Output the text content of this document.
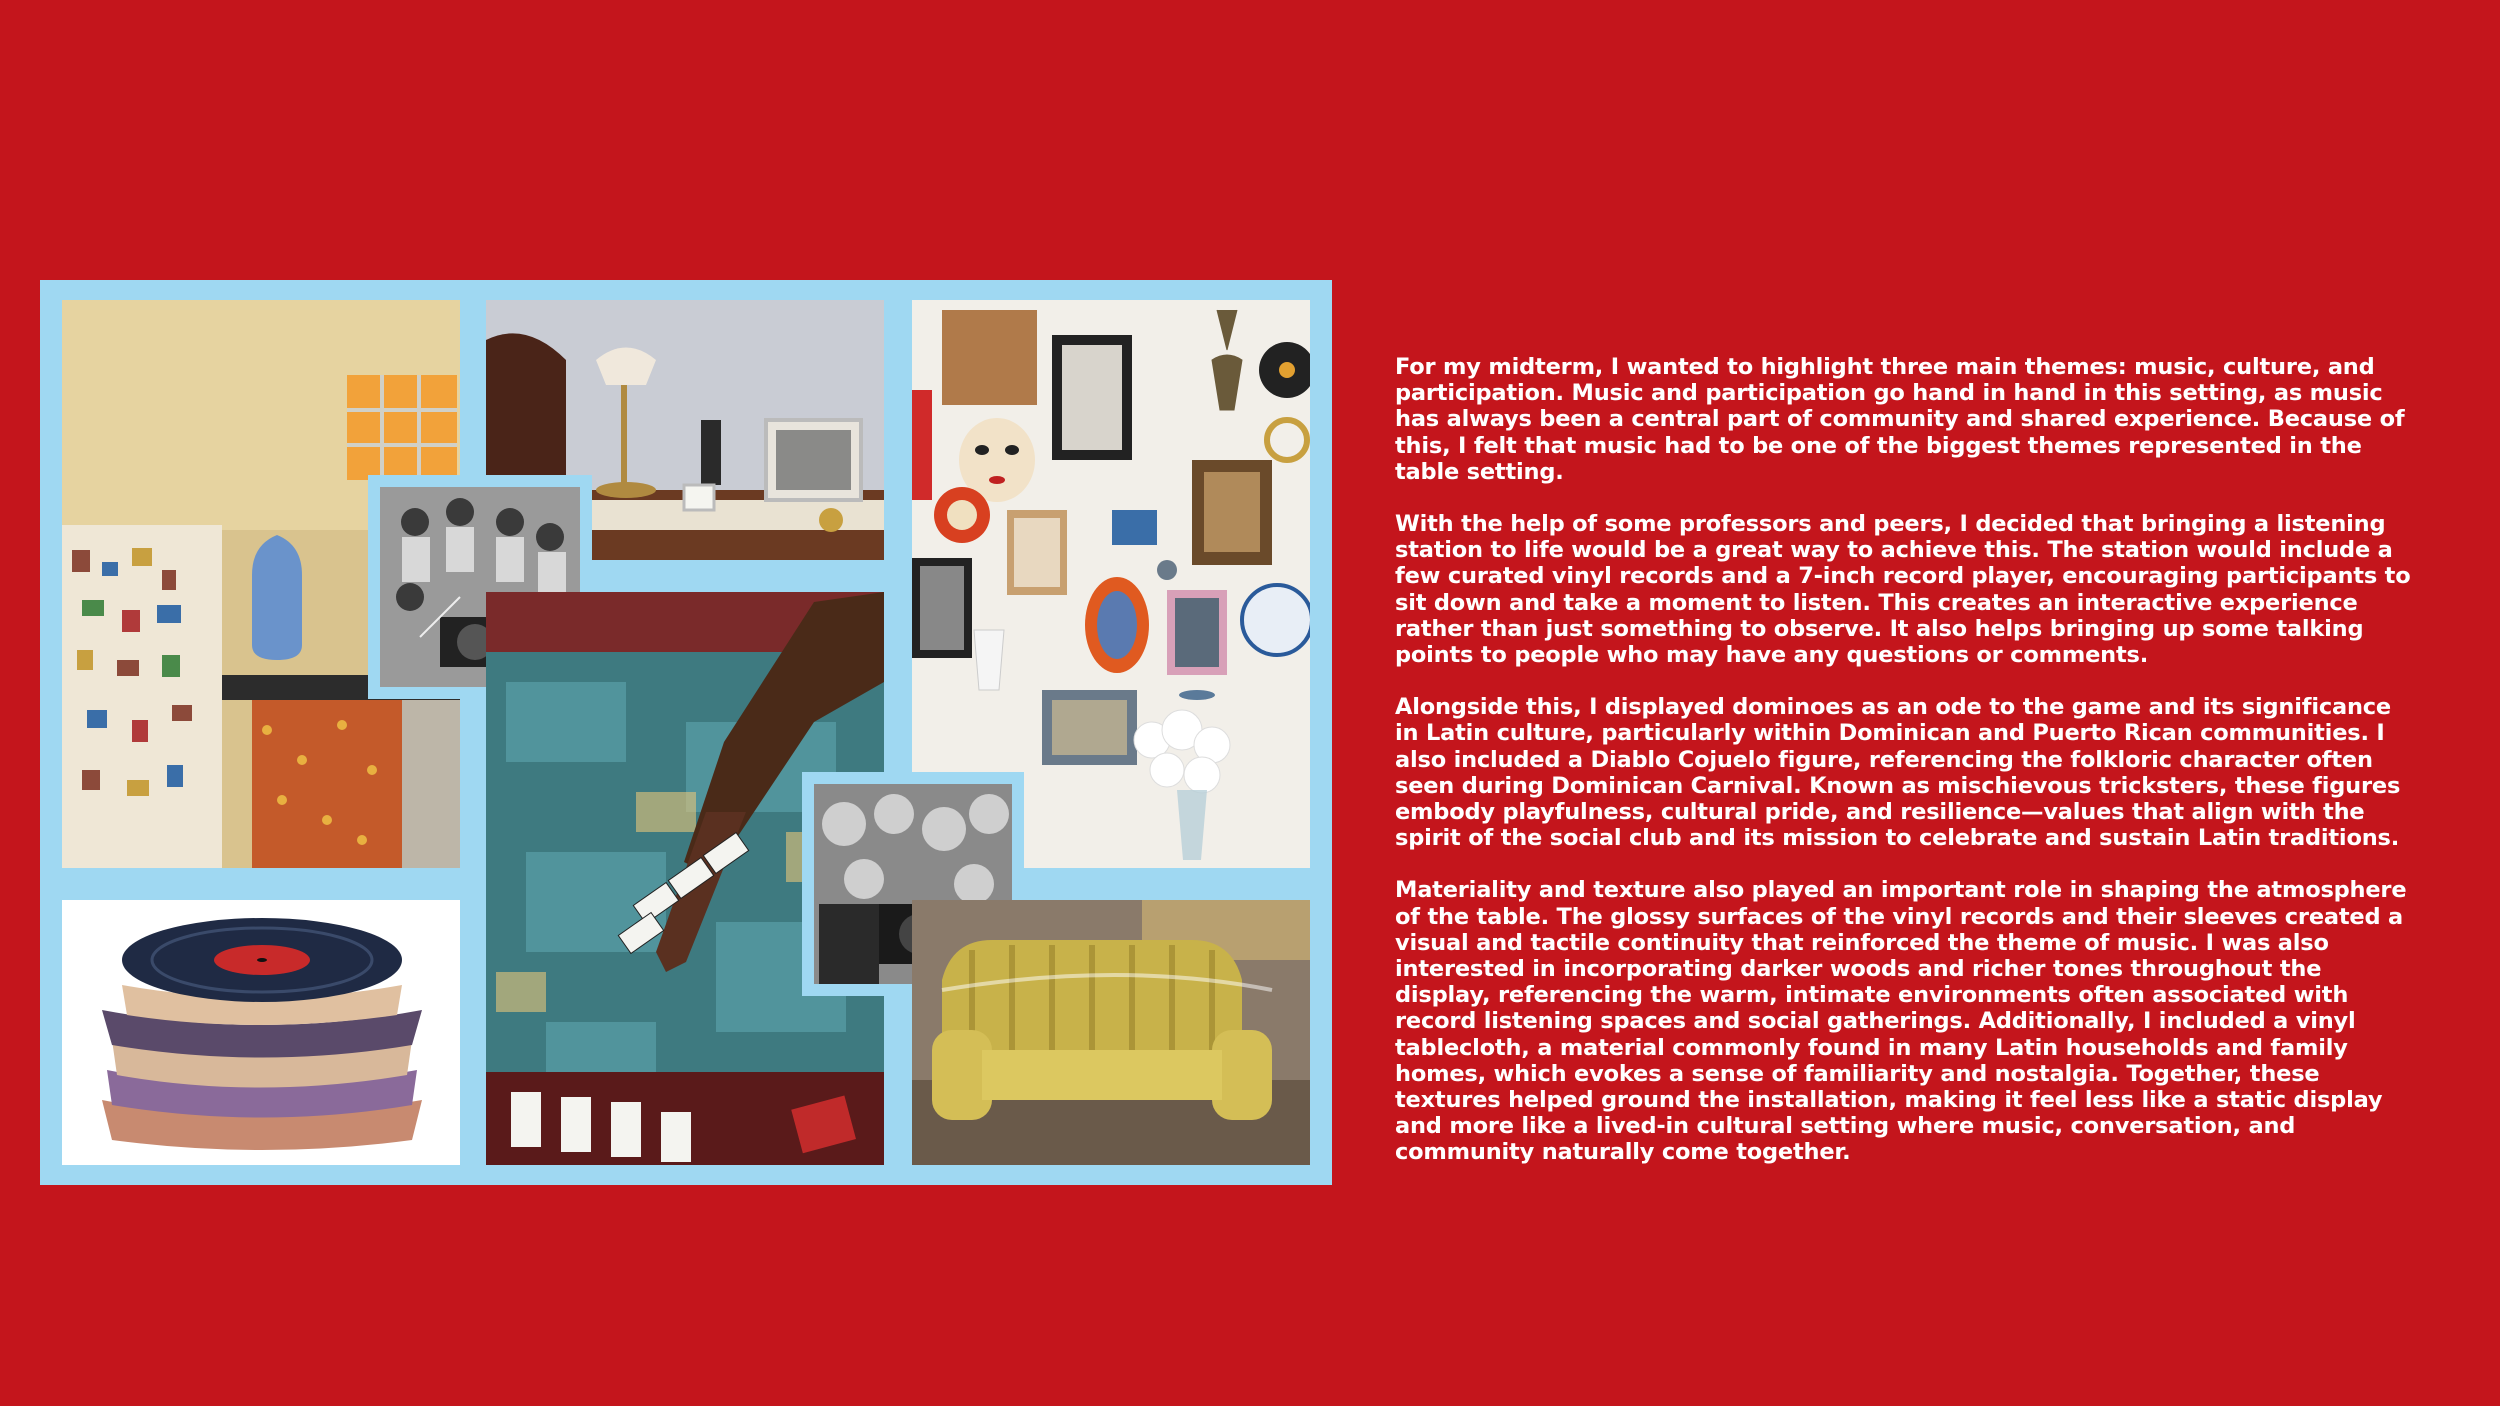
For my midterm, I wanted to highlight three main themes: music, culture, and participation. Music and participation go hand in hand in this setting, as music has always been a central part of community and shared experience. Because of this, I felt that music had to be one of the biggest themes represented in the table setting.

With the help of some professors and peers, I decided that bringing a listening station to life would be a great way to achieve this. The station would include a few curated vinyl records and a 7-inch record player, encouraging participants to sit down and take a moment to listen. This creates an interactive experience rather than just something to observe. It also helps bringing up some talking points to people who may have any questions or comments.

Alongside this, I displayed dominoes as an ode to the game and its significance in Latin culture, particularly within Dominican and Puerto Rican communities. I also included a Diablo Cojuelo figure, referencing the folkloric character often seen during Dominican Carnival. Known as mischievous tricksters, these figures embody playfulness, cultural pride, and resilience—values that align with the spirit of the social club and its mission to celebrate and sustain Latin traditions.

Materiality and texture also played an important role in shaping the atmosphere of the table. The glossy surfaces of the vinyl records and their sleeves created a visual and tactile continuity that reinforced the theme of music. I was also interested in incorporating darker woods and richer tones throughout the display, referencing the warm, intimate environments often associated with record listening spaces and social gatherings. Additionally, I included a vinyl tablecloth, a material commonly found in many Latin households and family homes, which evokes a sense of familiarity and nostalgia. Together, these textures helped ground the installation, making it feel less like a static display and more like a lived-in cultural setting where music, conversation, and community naturally come together.
